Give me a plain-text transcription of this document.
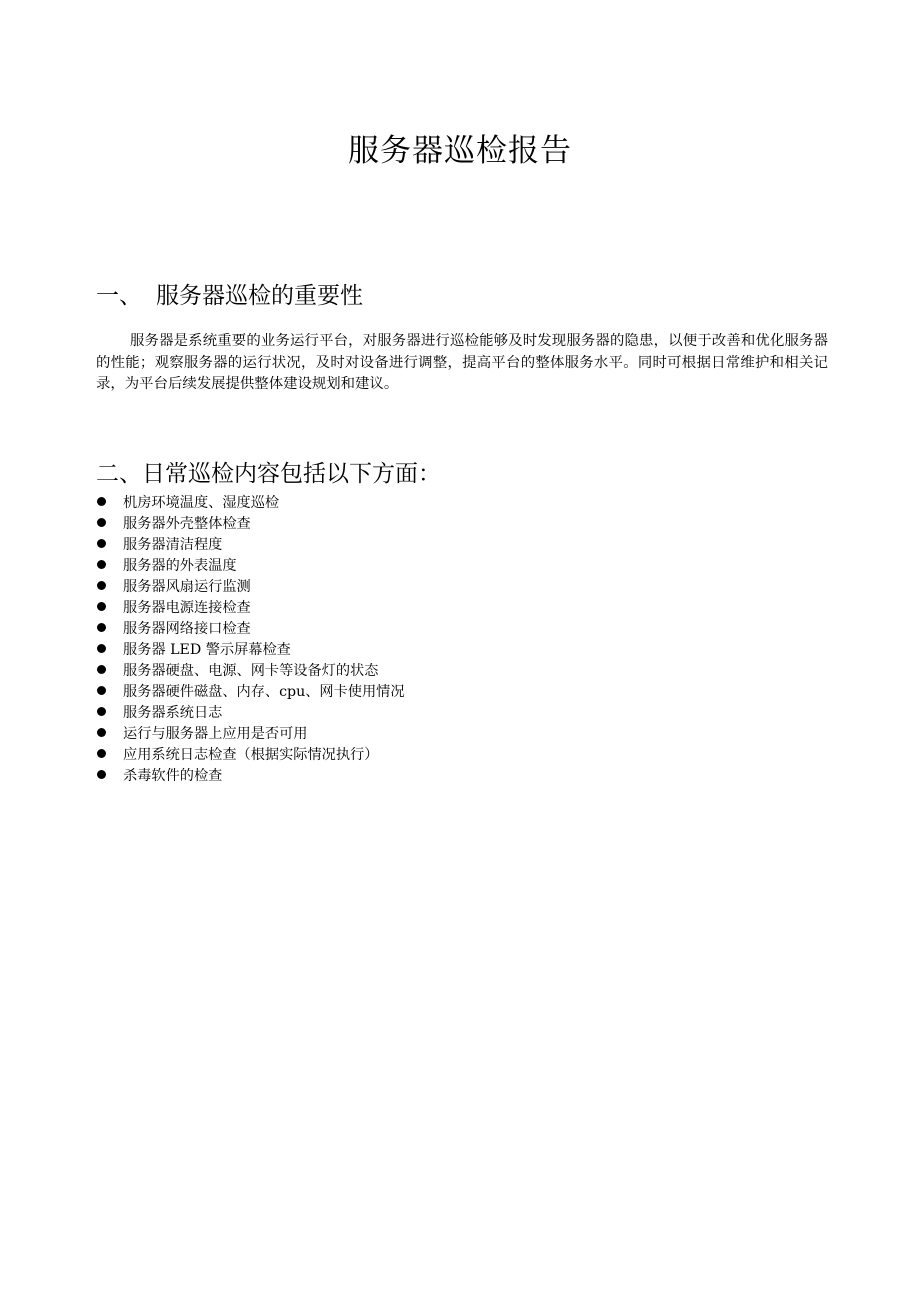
服务器巡检报告
一、 服务器巡检的重要性

服务器是系统重要的业务运行平台，对服务器进行巡检能够及时发现服务器的隐患，以便于改善和优化服务器的性能；观察服务器的运行状况，及时对设备进行调整，提高平台的整体服务水平。同时可根据日常维护和相关记录，为平台后续发展提供整体建设规划和建议。

二、日常巡检内容包括以下方面：
机房环境温度、湿度巡检
服务器外壳整体检查
服务器清洁程度
服务器的外表温度
服务器风扇运行监测
服务器电源连接检查
服务器网络接口检查
服务器 LED 警示屏幕检查
服务器硬盘、电源、网卡等设备灯的状态
服务器硬件磁盘、内存、cpu、网卡使用情况
服务器系统日志
运行与服务器上应用是否可用
应用系统日志检查（根据实际情况执行）
杀毒软件的检查
